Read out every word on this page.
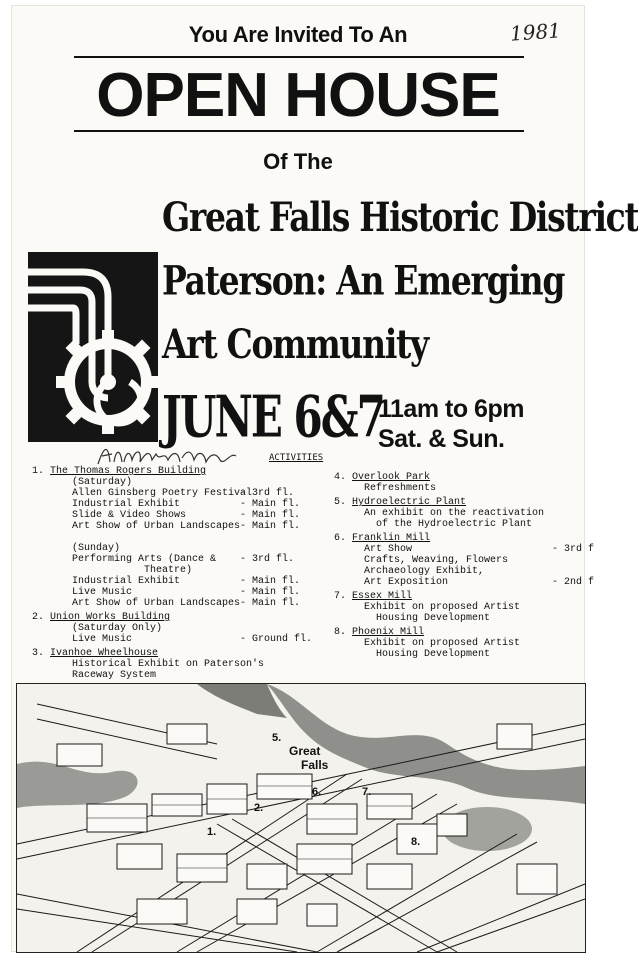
1981
You Are Invited To An
OPEN HOUSE
Of The
Great Falls Historic District
Paterson: An Emerging
Art Community
JUNE 6&7
11am to 6pm
Sat. & Sun.
ACTIVITIES
1. The Thomas Rogers Building
(Saturday)
Allen Ginsberg Poetry Festival
- 3rd fl.
Industrial Exhibit	- Main fl.
Slide & Video Shows	- Main fl.
Art Show of Urban Landscapes - Main fl.
(Sunday)
Performing Arts (Dance & - 3rd fl.
Theatre)
Industrial Exhibit	- Main fl.
Live Music	- Main fl.
Art Show of Urban Landscapes - Main fl.
2. Union Works Building
(Saturday Only)
Live Music	- Ground fl.
3. Ivanhoe Wheelhouse
Historical Exhibit on Paterson's
Raceway System
4. Overlook Park
Refreshments
5. Hydroelectric Plant
An exhibit on the reactivation
of the Hydroelectric Plant
6. Franklin Mill
Art Show	- 3rd f
Crafts, Weaving, Flowers
Archaeology Exhibit,
Art Exposition	- 2nd f
7. Essex Mill
Exhibit on proposed Artist
Housing Development
8. Phoenix Mill
Exhibit on proposed Artist
Housing Development
5.
Great
Falls
2.
6.	7.
1.
8.
